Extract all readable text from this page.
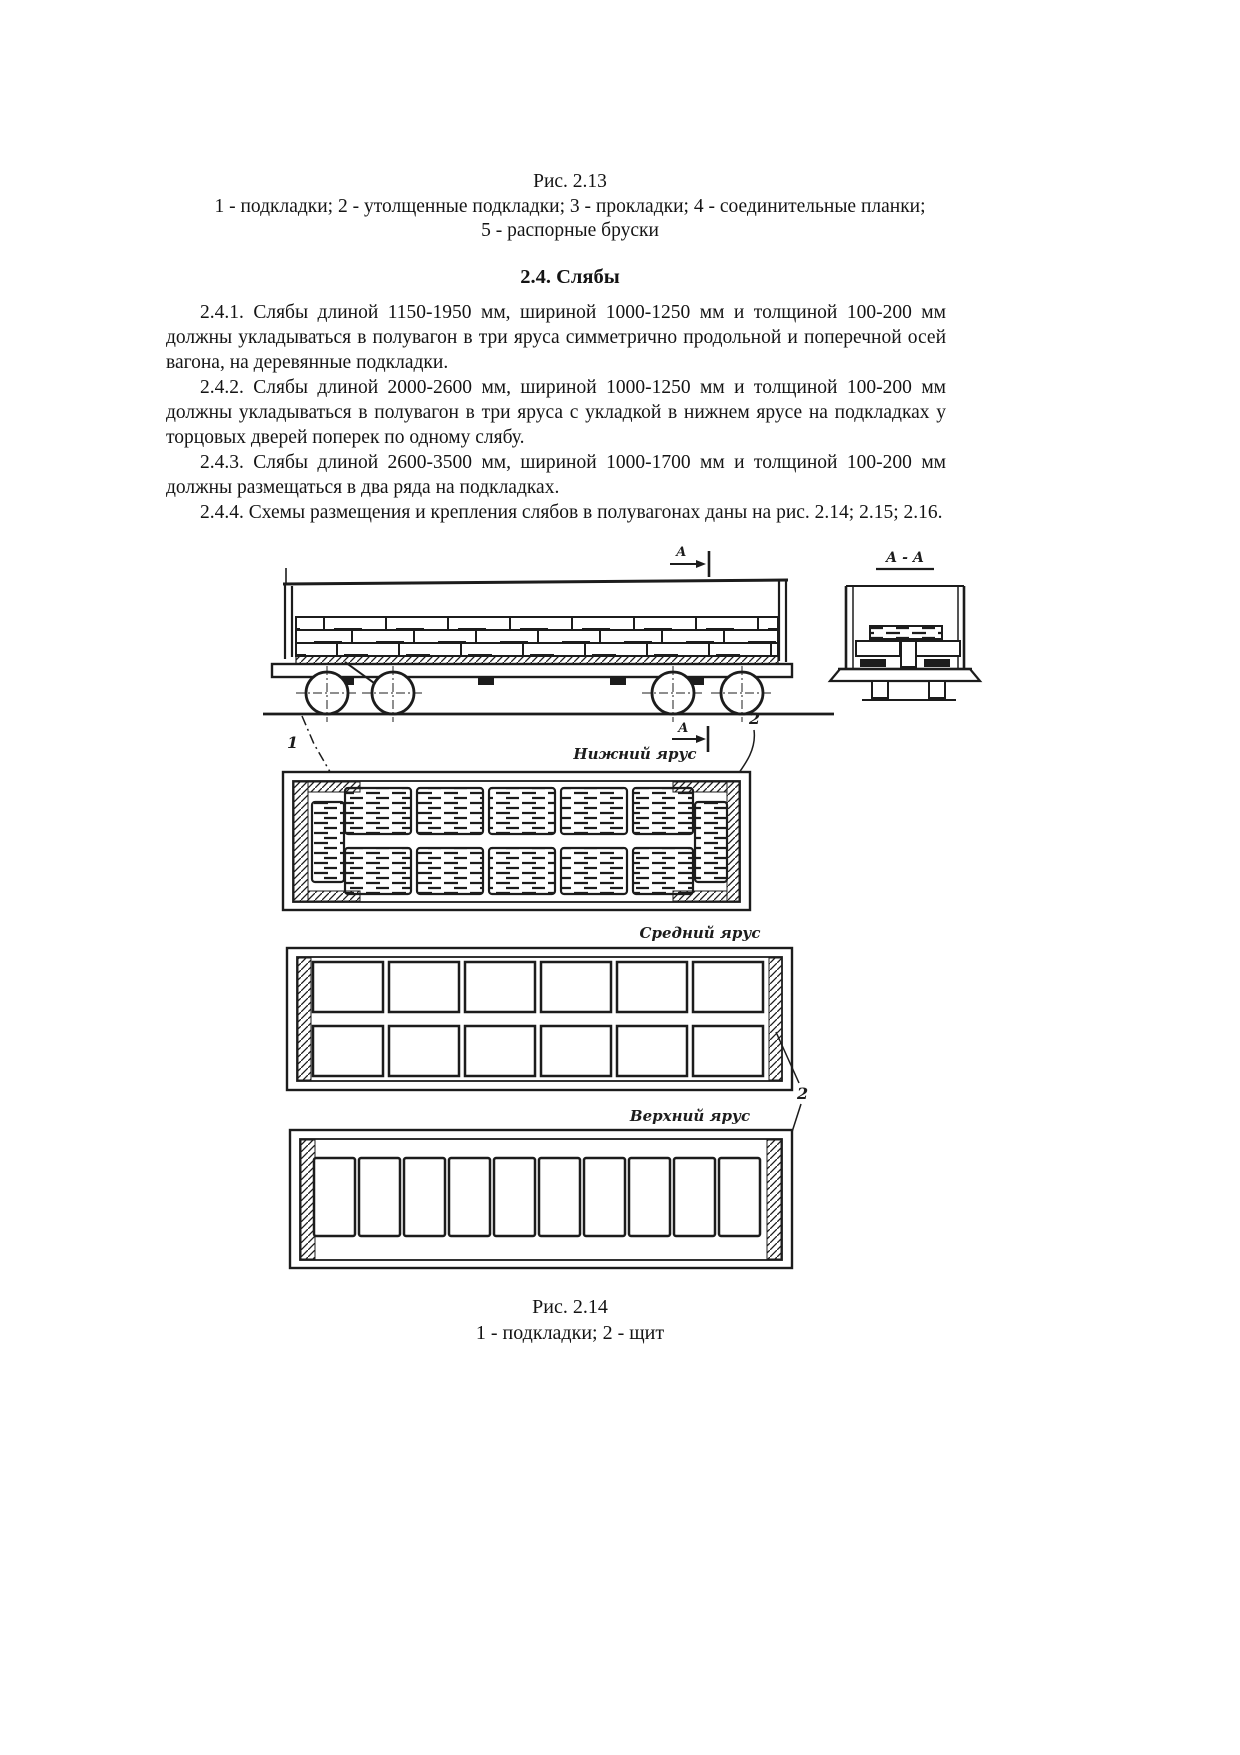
Рис. 2.13
1 - подкладки; 2 - утолщенные подкладки; 3 - прокладки; 4 - соединительные планки;
5 - распорные бруски
2.4. Слябы

2.4.1. Слябы длиной 1150-1950 мм, шириной 1000-1250 мм и толщиной 100-200 мм должны укладываться в полувагон в три яруса симметрично продольной и поперечной осей вагона, на деревянные подкладки.

2.4.2. Слябы длиной 2000-2600 мм, шириной 1000-1250 мм и толщиной 100-200 мм должны укладываться в полувагон в три яруса с укладкой в нижнем ярусе на подкладках у торцовых дверей поперек по одному слябу.

2.4.3. Слябы длиной 2600-3500 мм, шириной 1000-1700 мм и толщиной 100-200 мм должны размещаться в два ряда на подкладках.

2.4.4. Схемы размещения и крепления слябов в полувагонах даны на рис. 2.14; 2.15; 2.16.

А
А
1
2
А - А
Нижний ярус
Средний ярус
2
Верхний ярус
Рис. 2.14
1 - подкладки; 2 - щит
